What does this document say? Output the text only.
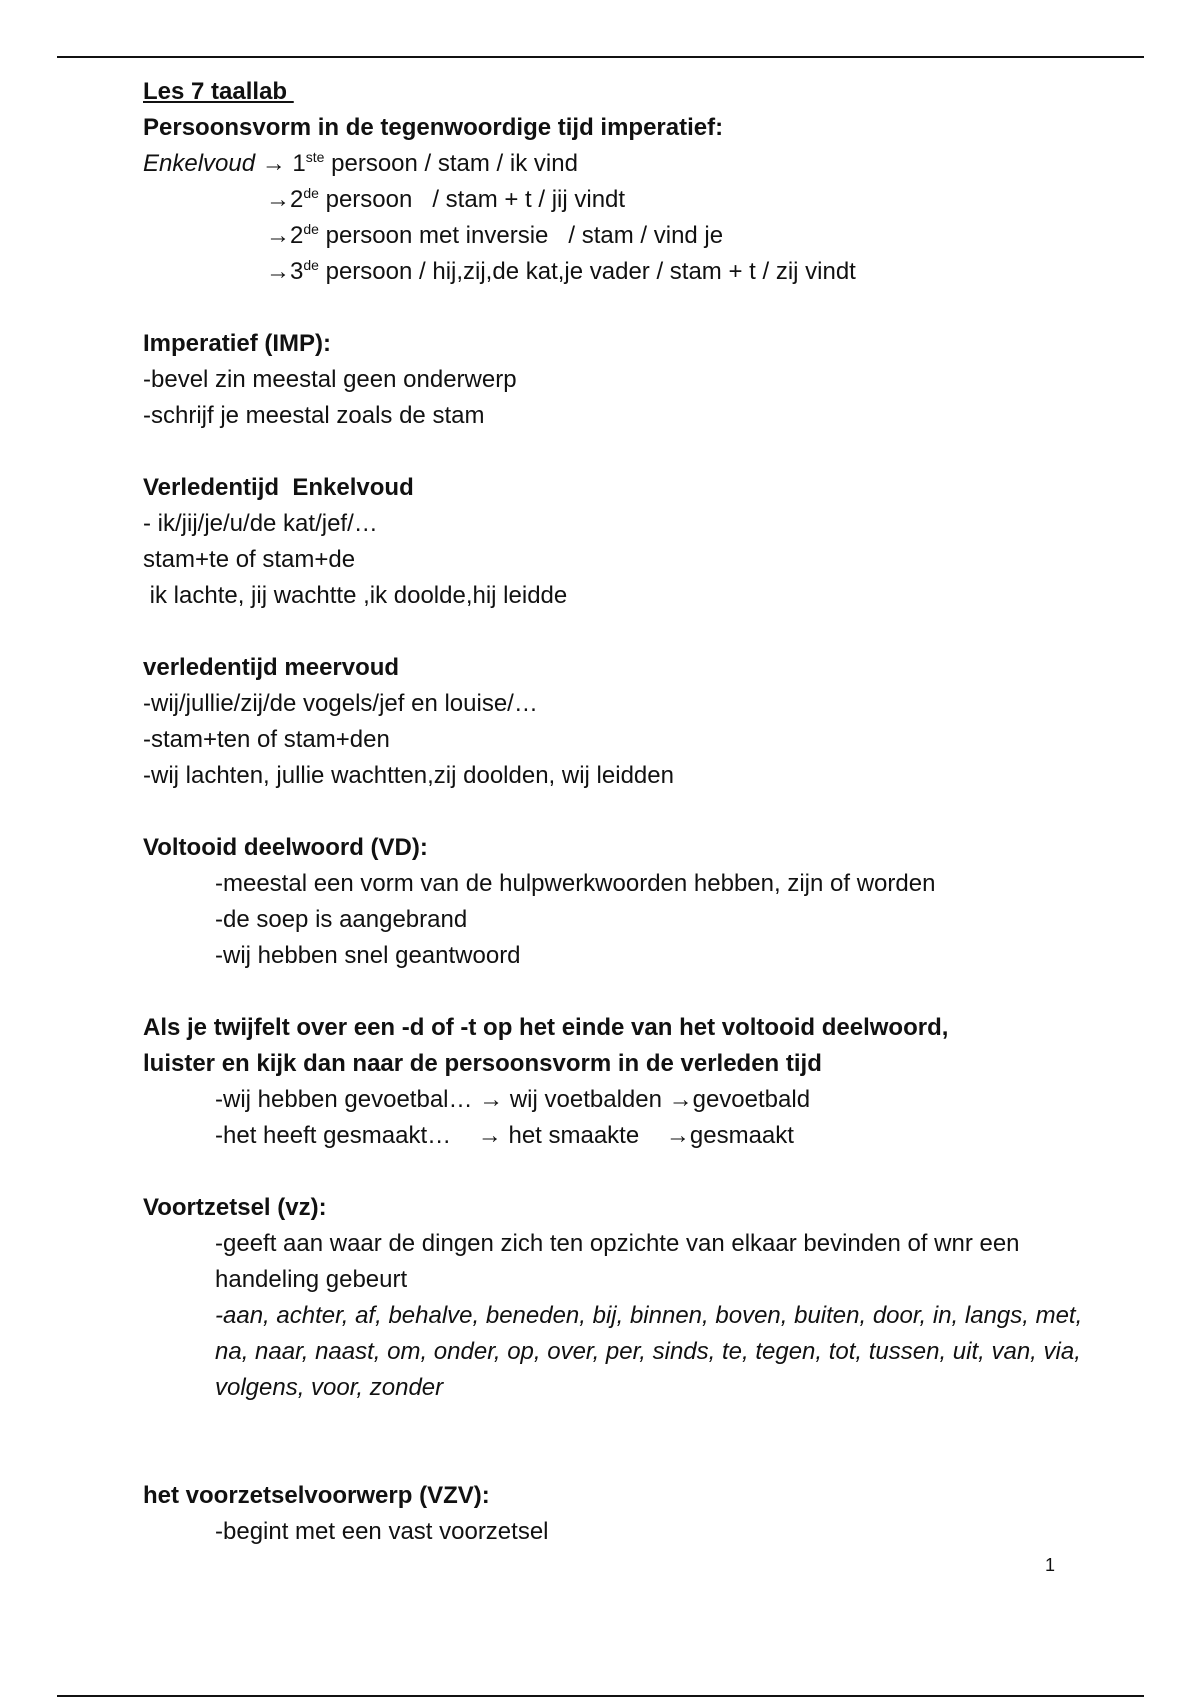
Les 7 taallab
Persoonsvorm in de tegenwoordige tijd imperatief:
Enkelvoud → 1ste persoon / stam / ik vind
→2de persoon   / stam + t / jij vindt
→2de persoon met inversie   / stam / vind je
→3de persoon / hij,zij,de kat,je vader / stam + t / zij vindt
Imperatief (IMP):
-bevel zin meestal geen onderwerp
-schrijf je meestal zoals de stam
Verledentijd  Enkelvoud
- ik/jij/je/u/de kat/jef/…
stam+te of stam+de
ik lachte, jij wachtte ,ik doolde,hij leidde
verledentijd meervoud
-wij/jullie/zij/de vogels/jef en louise/…
-stam+ten of stam+den
-wij lachten, jullie wachtten,zij doolden, wij leidden
Voltooid deelwoord (VD):
-meestal een vorm van de hulpwerkwoorden hebben, zijn of worden
-de soep is aangebrand
-wij hebben snel geantwoord
Als je twijfelt over een -d of -t op het einde van het voltooid deelwoord,
luister en kijk dan naar de persoonsvorm in de verleden tijd
-wij hebben gevoetbal… → wij voetbalden →gevoetbald
-het heeft gesmaakt…    → het smaakte    →gesmaakt
Voortzetsel (vz):
-geeft aan waar de dingen zich ten opzichte van elkaar bevinden of wnr een handeling gebeurt
-aan, achter, af, behalve, beneden, bij, binnen, boven, buiten, door, in, langs, met, na, naar, naast, om, onder, op, over, per, sinds, te, tegen, tot, tussen, uit, van, via, volgens, voor, zonder
het voorzetselvoorwerp (VZV):
-begint met een vast voorzetsel
1
